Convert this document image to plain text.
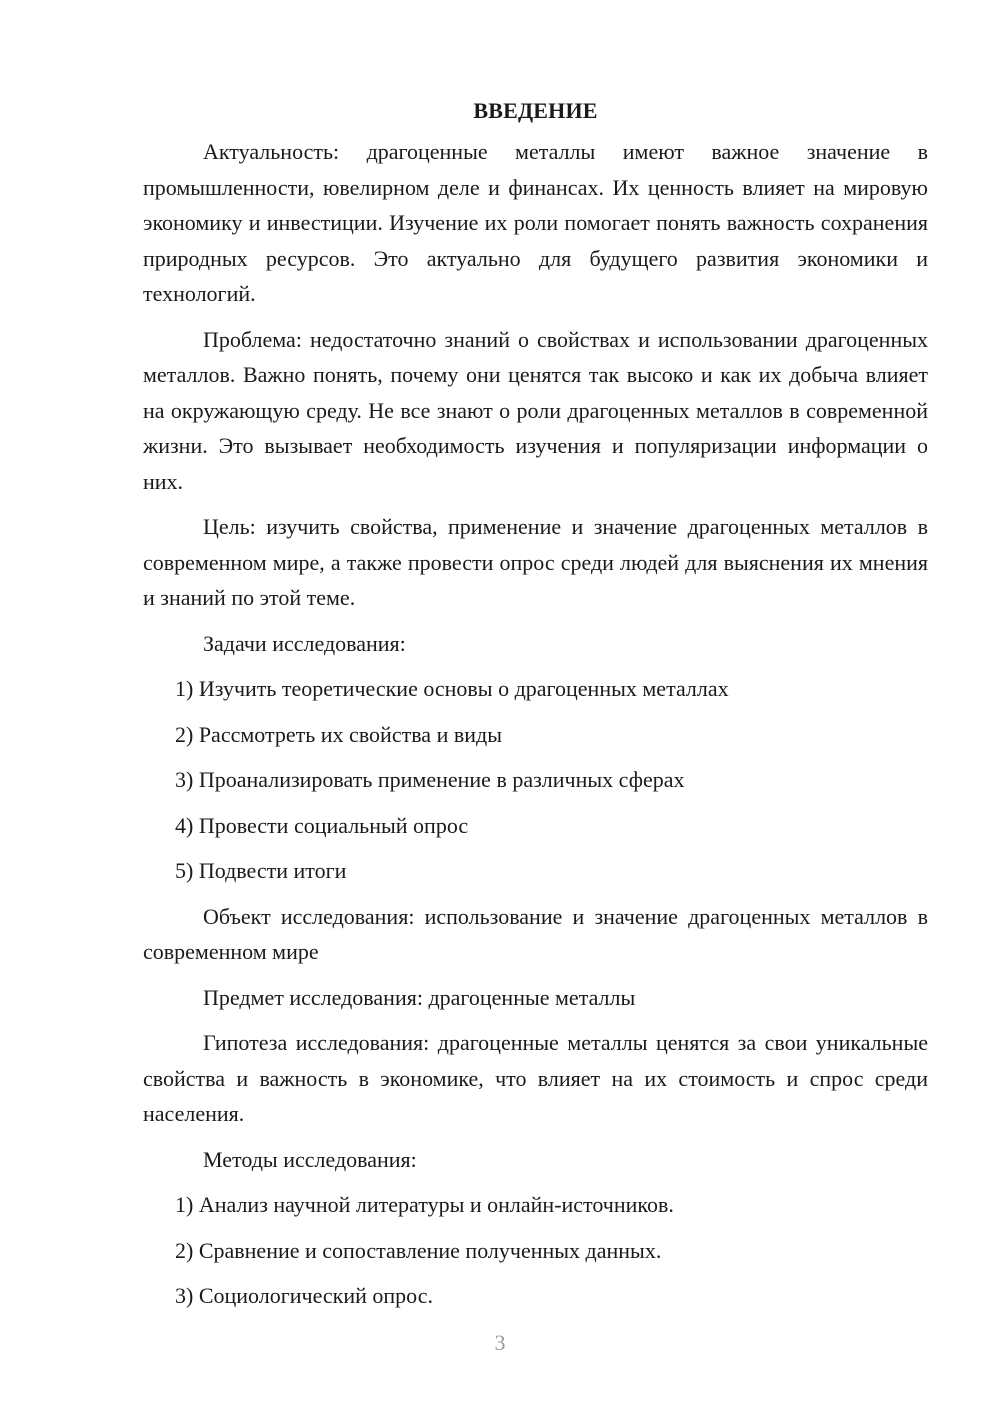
ВВЕДЕНИЕ

Актуальность: драгоценные металлы имеют важное значение в промышленности, ювелирном деле и финансах. Их ценность влияет на мировую экономику и инвестиции. Изучение их роли помогает понять важность сохранения природных ресурсов. Это актуально для будущего развития экономики и технологий.

Проблема: недостаточно знаний о свойствах и использовании драгоценных металлов. Важно понять, почему они ценятся так высоко и как их добыча влияет на окружающую среду. Не все знают о роли драгоценных металлов в современной жизни. Это вызывает необходимость изучения и популяризации информации о них.

Цель: изучить свойства, применение и значение драгоценных металлов в современном мире, а также провести опрос среди людей для выяснения их мнения и знаний по этой теме.

Задачи исследования:

1) Изучить теоретические основы о драгоценных металлах
2) Рассмотреть их свойства и виды
3) Проанализировать применение в различных сферах
4) Провести социальный опрос
5) Подвести итоги

Объект исследования: использование и значение драгоценных металлов в современном мире

Предмет исследования: драгоценные металлы

Гипотеза исследования: драгоценные металлы ценятся за свои уникальные свойства и важность в экономике, что влияет на их стоимость и спрос среди населения.

Методы исследования:

1) Анализ научной литературы и онлайн-источников.
2) Сравнение и сопоставление полученных данных.
3) Социологический опрос.
3
